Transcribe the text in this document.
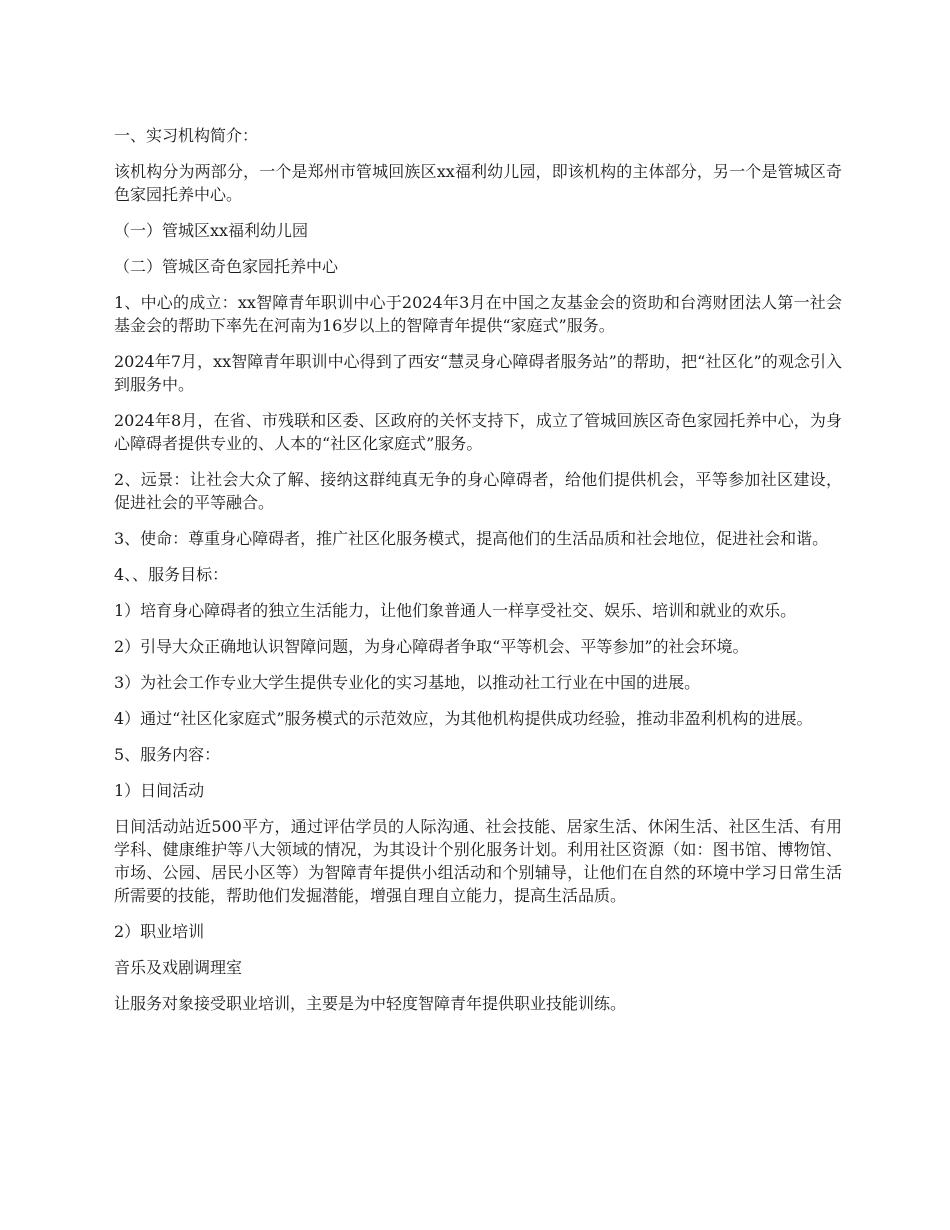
一、实习机构简介：

该机构分为两部分，一个是郑州市管城回族区xx福利幼儿园，即该机构的主体部分，另一个是管城区奇色家园托养中心。

（一）管城区xx福利幼儿园

（二）管城区奇色家园托养中心

1、中心的成立：xx智障青年职训中心于2024年3月在中国之友基金会的资助和台湾财团法人第一社会基金会的帮助下率先在河南为16岁以上的智障青年提供“家庭式”服务。

2024年7月，xx智障青年职训中心得到了西安“慧灵身心障碍者服务站”的帮助，把“社区化”的观念引入到服务中。

2024年8月，在省、市残联和区委、区政府的关怀支持下，成立了管城回族区奇色家园托养中心，为身心障碍者提供专业的、人本的“社区化家庭式”服务。

2、远景：让社会大众了解、接纳这群纯真无争的身心障碍者，给他们提供机会，平等参加社区建设，促进社会的平等融合。

3、使命：尊重身心障碍者，推广社区化服务模式，提高他们的生活品质和社会地位，促进社会和谐。

4、、服务目标：

1）培育身心障碍者的独立生活能力，让他们象普通人一样享受社交、娱乐、培训和就业的欢乐。

2）引导大众正确地认识智障问题，为身心障碍者争取“平等机会、平等参加”的社会环境。

3）为社会工作专业大学生提供专业化的实习基地，以推动社工行业在中国的进展。

4）通过“社区化家庭式”服务模式的示范效应，为其他机构提供成功经验，推动非盈利机构的进展。

5、服务内容：

1）日间活动

日间活动站近500平方，通过评估学员的人际沟通、社会技能、居家生活、休闲生活、社区生活、有用学科、健康维护等八大领域的情况，为其设计个别化服务计划。利用社区资源（如：图书馆、博物馆、市场、公园、居民小区等）为智障青年提供小组活动和个别辅导，让他们在自然的环境中学习日常生活所需要的技能，帮助他们发掘潜能，增强自理自立能力，提高生活品质。

2）职业培训

音乐及戏剧调理室

让服务对象接受职业培训，主要是为中轻度智障青年提供职业技能训练。
